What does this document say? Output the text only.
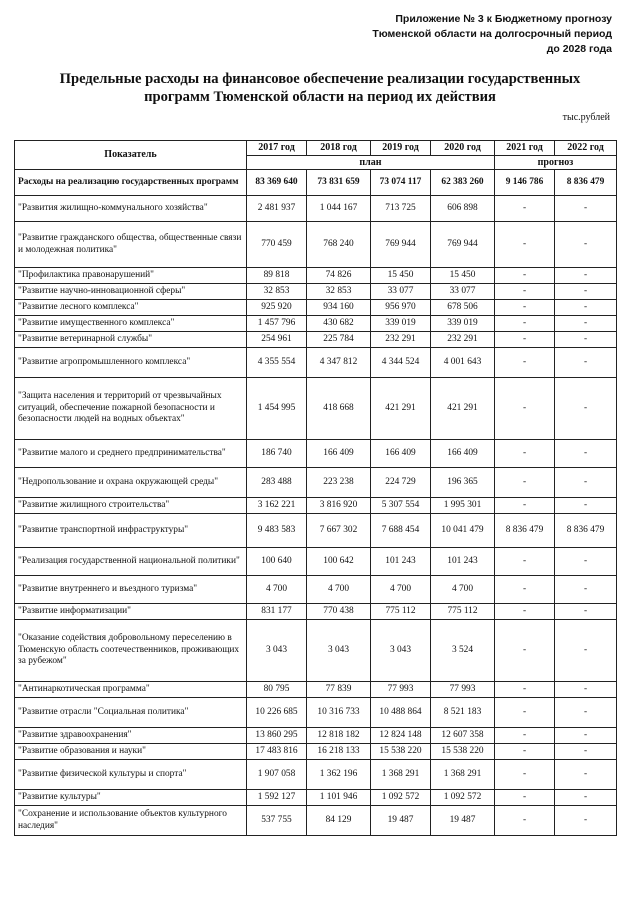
Приложение № 3 к Бюджетному прогнозу
Тюменской области на долгосрочный период
до 2028 года
Предельные расходы на финансовое обеспечение реализации государственных программ Тюменской области на период их действия
тыс.рублей
Показатель	2017 год	2018 год	2019 год	2020 год	2021 год	2022 год
	план				прогноз	
Расходы на реализацию государственных программ	83 369 640	73 831 659	73 074 117	62 383 260	9 146 786	8 836 479
"Развития жилищно-коммунального хозяйства"	2 481 937	1 044 167	713 725	606 898	-	-
"Развитие гражданского общества, общественные связи и молодежная политика"	770 459	768 240	769 944	769 944	-	-
"Профилактика правонарушений"	89 818	74 826	15 450	15 450	-	-
"Развитие научно-инновационной сферы"	32 853	32 853	33 077	33 077	-	-
"Развитие лесного комплекса"	925 920	934 160	956 970	678 506	-	-
"Развитие имущественного комплекса"	1 457 796	430 682	339 019	339 019	-	-
"Развитие ветеринарной службы"	254 961	225 784	232 291	232 291	-	-
"Развитие агропромышленного комплекса"	4 355 554	4 347 812	4 344 524	4 001 643	-	-
"Защита населения и территорий от чрезвычайных ситуаций, обеспечение пожарной безопасности и безопасности людей на водных объектах"	1 454 995	418 668	421 291	421 291	-	-
"Развитие малого и среднего предпринимательства"	186 740	166 409	166 409	166 409	-	-
"Недропользование и охрана окружающей среды"	283 488	223 238	224 729	196 365	-	-
"Развитие жилищного строительства"	3 162 221	3 816 920	5 307 554	1 995 301	-	-
"Развитие транспортной инфраструктуры"	9 483 583	7 667 302	7 688 454	10 041 479	8 836 479	8 836 479
"Реализация государственной национальной политики"	100 640	100 642	101 243	101 243	-	-
"Развитие внутреннего и въездного туризма"	4 700	4 700	4 700	4 700	-	-
"Развитие информатизации"	831 177	770 438	775 112	775 112	-	-
"Оказание содействия добровольному переселению в Тюменскую область соотечественников, проживающих за рубежом"	3 043	3 043	3 043	3 524	-	-
"Антинаркотическая программа"	80 795	77 839	77 993	77 993	-	-
"Развитие отрасли "Социальная политика"	10 226 685	10 316 733	10 488 864	8 521 183	-	-
"Развитие здравоохранения"	13 860 295	12 818 182	12 824 148	12 607 358	-	-
"Развитие образования и науки"	17 483 816	16 218 133	15 538 220	15 538 220	-	-
"Развитие физической культуры и спорта"	1 907 058	1 362 196	1 368 291	1 368 291	-	-
"Развитие культуры"	1 592 127	1 101 946	1 092 572	1 092 572	-	-
"Сохранение и использование объектов культурного наследия"	537 755	84 129	19 487	19 487	-	-
